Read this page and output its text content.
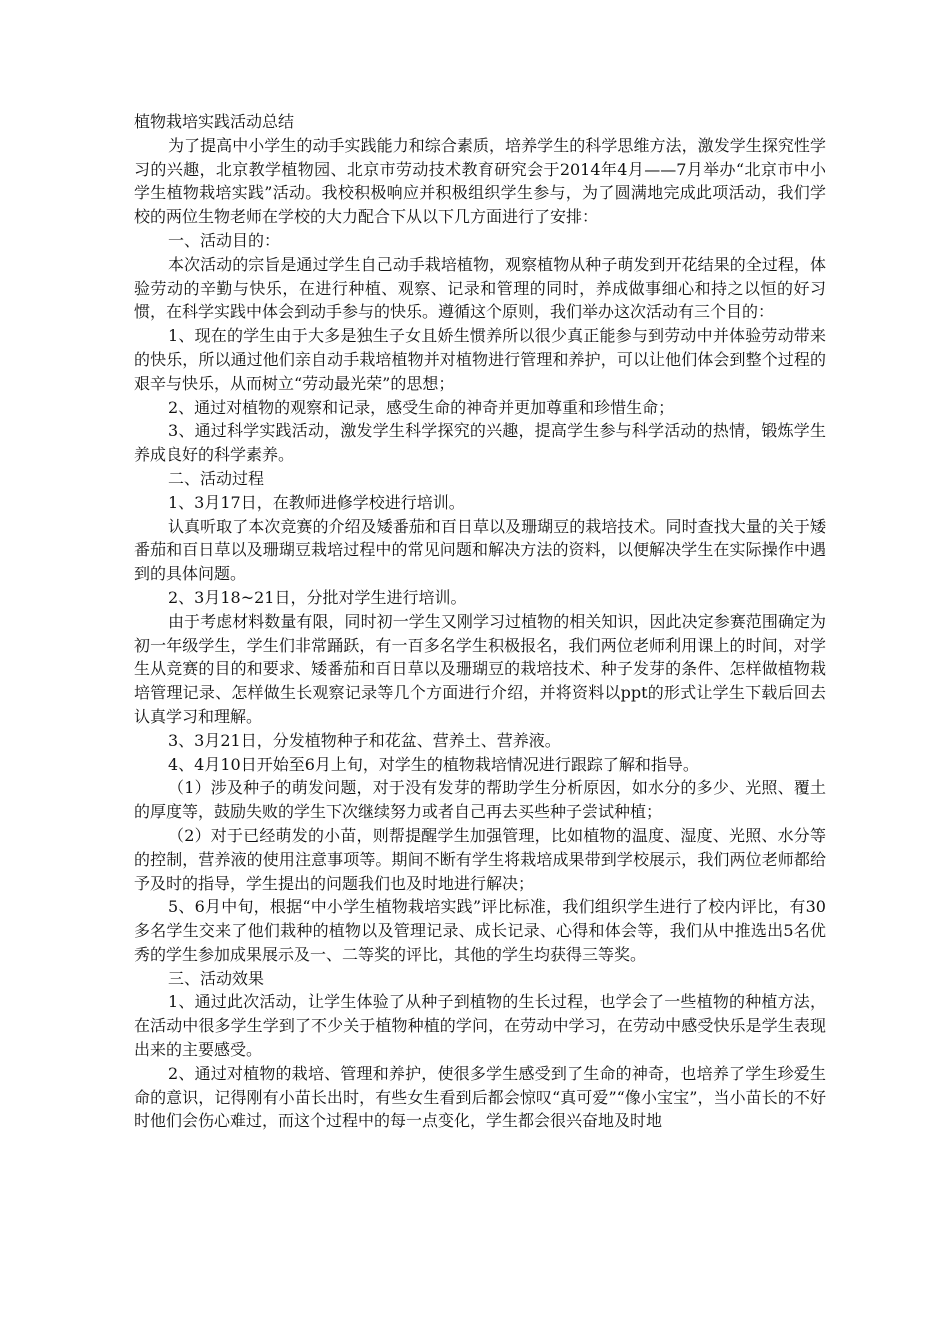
植物栽培实践活动总结

为了提高中小学生的动手实践能力和综合素质，培养学生的科学思维方法，激发学生探究性学习的兴趣，北京教学植物园、北京市劳动技术教育研究会于2014年4月——7月举办“北京市中小学生植物栽培实践”活动。我校积极响应并积极组织学生参与，为了圆满地完成此项活动，我们学校的两位生物老师在学校的大力配合下从以下几方面进行了安排：

一、活动目的：

本次活动的宗旨是通过学生自己动手栽培植物，观察植物从种子萌发到开花结果的全过程，体验劳动的辛勤与快乐，在进行种植、观察、记录和管理的同时，养成做事细心和持之以恒的好习惯，在科学实践中体会到动手参与的快乐。遵循这个原则，我们举办这次活动有三个目的：

1、现在的学生由于大多是独生子女且娇生惯养所以很少真正能参与到劳动中并体验劳动带来的快乐，所以通过他们亲自动手栽培植物并对植物进行管理和养护，可以让他们体会到整个过程的艰辛与快乐，从而树立“劳动最光荣”的思想；

2、通过对植物的观察和记录，感受生命的神奇并更加尊重和珍惜生命；

3、通过科学实践活动，激发学生科学探究的兴趣，提高学生参与科学活动的热情，锻炼学生养成良好的科学素养。

二、活动过程

1、3月17日，在教师进修学校进行培训。

认真听取了本次竞赛的介绍及矮番茄和百日草以及珊瑚豆的栽培技术。同时查找大量的关于矮番茄和百日草以及珊瑚豆栽培过程中的常见问题和解决方法的资料，以便解决学生在实际操作中遇到的具体问题。

2、3月18~21日，分批对学生进行培训。

由于考虑材料数量有限，同时初一学生又刚学习过植物的相关知识，因此决定参赛范围确定为初一年级学生，学生们非常踊跃，有一百多名学生积极报名，我们两位老师利用课上的时间，对学生从竞赛的目的和要求、矮番茄和百日草以及珊瑚豆的栽培技术、种子发芽的条件、怎样做植物栽培管理记录、怎样做生长观察记录等几个方面进行介绍，并将资料以ppt的形式让学生下载后回去认真学习和理解。

3、3月21日，分发植物种子和花盆、营养土、营养液。

4、4月10日开始至6月上旬，对学生的植物栽培情况进行跟踪了解和指导。

（1）涉及种子的萌发问题，对于没有发芽的帮助学生分析原因，如水分的多少、光照、覆土的厚度等，鼓励失败的学生下次继续努力或者自己再去买些种子尝试种植；

（2）对于已经萌发的小苗，则帮提醒学生加强管理，比如植物的温度、湿度、光照、水分等的控制，营养液的使用注意事项等。期间不断有学生将栽培成果带到学校展示，我们两位老师都给予及时的指导，学生提出的问题我们也及时地进行解决；

5、6月中旬，根据“中小学生植物栽培实践”评比标准，我们组织学生进行了校内评比，有30多名学生交来了他们栽种的植物以及管理记录、成长记录、心得和体会等，我们从中推选出5名优秀的学生参加成果展示及一、二等奖的评比，其他的学生均获得三等奖。

三、活动效果

1、通过此次活动，让学生体验了从种子到植物的生长过程，也学会了一些植物的种植方法，在活动中很多学生学到了不少关于植物种植的学问，在劳动中学习，在劳动中感受快乐是学生表现出来的主要感受。

2、通过对植物的栽培、管理和养护，使很多学生感受到了生命的神奇，也培养了学生珍爱生命的意识，记得刚有小苗长出时，有些女生看到后都会惊叹“真可爱”“像小宝宝”，当小苗长的不好时他们会伤心难过，而这个过程中的每一点变化，学生都会很兴奋地及时地
